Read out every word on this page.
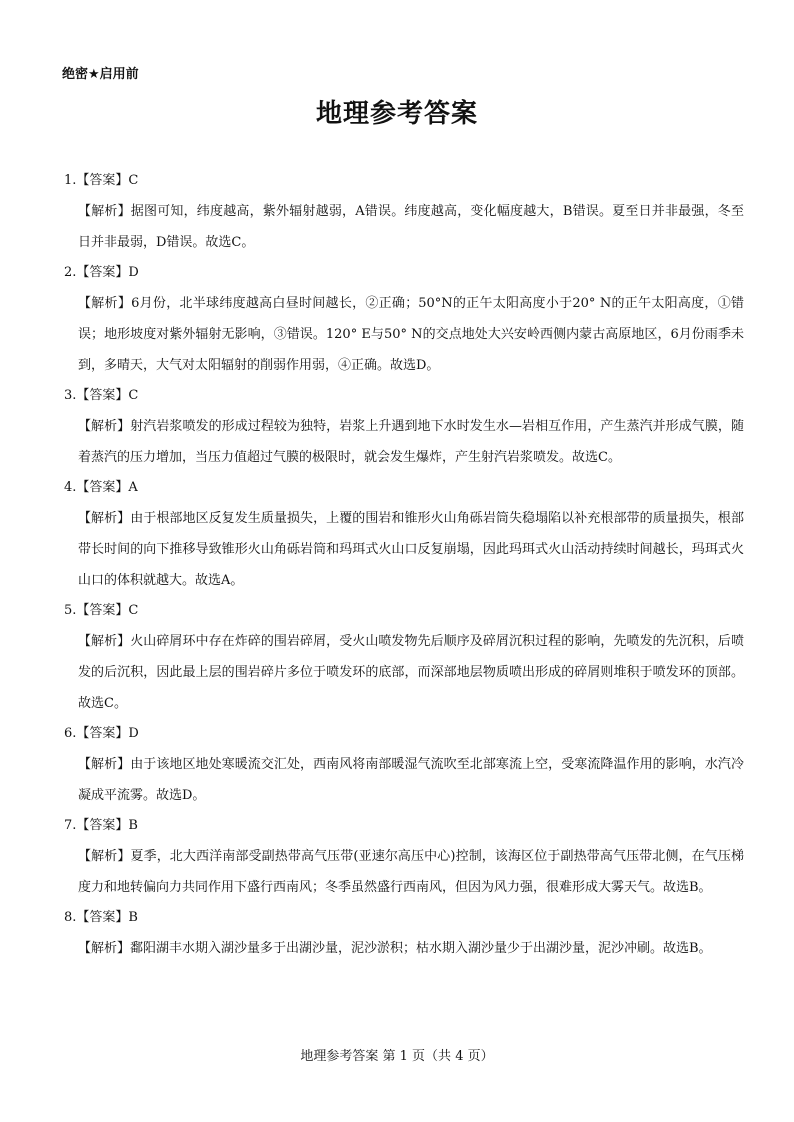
绝密★启用前
地理参考答案
1.【答案】C
【解析】据图可知，纬度越高，紫外辐射越弱，A错误。纬度越高，变化幅度越大，B错误。夏至日并非最强，冬至日并非最弱，D错误。故选C。
2.【答案】D
【解析】6月份，北半球纬度越高白昼时间越长，②正确；50°N的正午太阳高度小于20° N的正午太阳高度，①错误；地形坡度对紫外辐射无影响，③错误。120° E与50° N的交点地处大兴安岭西侧内蒙古高原地区，6月份雨季未到，多晴天，大气对太阳辐射的削弱作用弱，④正确。故选D。
3.【答案】C
【解析】射汽岩浆喷发的形成过程较为独特，岩浆上升遇到地下水时发生水—岩相互作用，产生蒸汽并形成气膜，随着蒸汽的压力增加，当压力值超过气膜的极限时，就会发生爆炸，产生射汽岩浆喷发。故选C。
4.【答案】A
【解析】由于根部地区反复发生质量损失，上覆的围岩和锥形火山角砾岩筒失稳塌陷以补充根部带的质量损失，根部带长时间的向下推移导致锥形火山角砾岩筒和玛珥式火山口反复崩塌，因此玛珥式火山活动持续时间越长，玛珥式火山口的体积就越大。故选A。
5.【答案】C
【解析】火山碎屑环中存在炸碎的围岩碎屑，受火山喷发物先后顺序及碎屑沉积过程的影响，先喷发的先沉积，后喷发的后沉积，因此最上层的围岩碎片多位于喷发环的底部，而深部地层物质喷出形成的碎屑则堆积于喷发环的顶部。故选C。
6.【答案】D
【解析】由于该地区地处寒暖流交汇处，西南风将南部暖湿气流吹至北部寒流上空，受寒流降温作用的影响，水汽冷凝成平流雾。故选D。
7.【答案】B
【解析】夏季，北大西洋南部受副热带高气压带(亚速尔高压中心)控制，该海区位于副热带高气压带北侧，在气压梯度力和地转偏向力共同作用下盛行西南风；冬季虽然盛行西南风，但因为风力强，很难形成大雾天气。故选B。
8.【答案】B
【解析】鄱阳湖丰水期入湖沙量多于出湖沙量，泥沙淤积；枯水期入湖沙量少于出湖沙量，泥沙冲刷。故选B。
地理参考答案 第 1 页（共 4 页）
